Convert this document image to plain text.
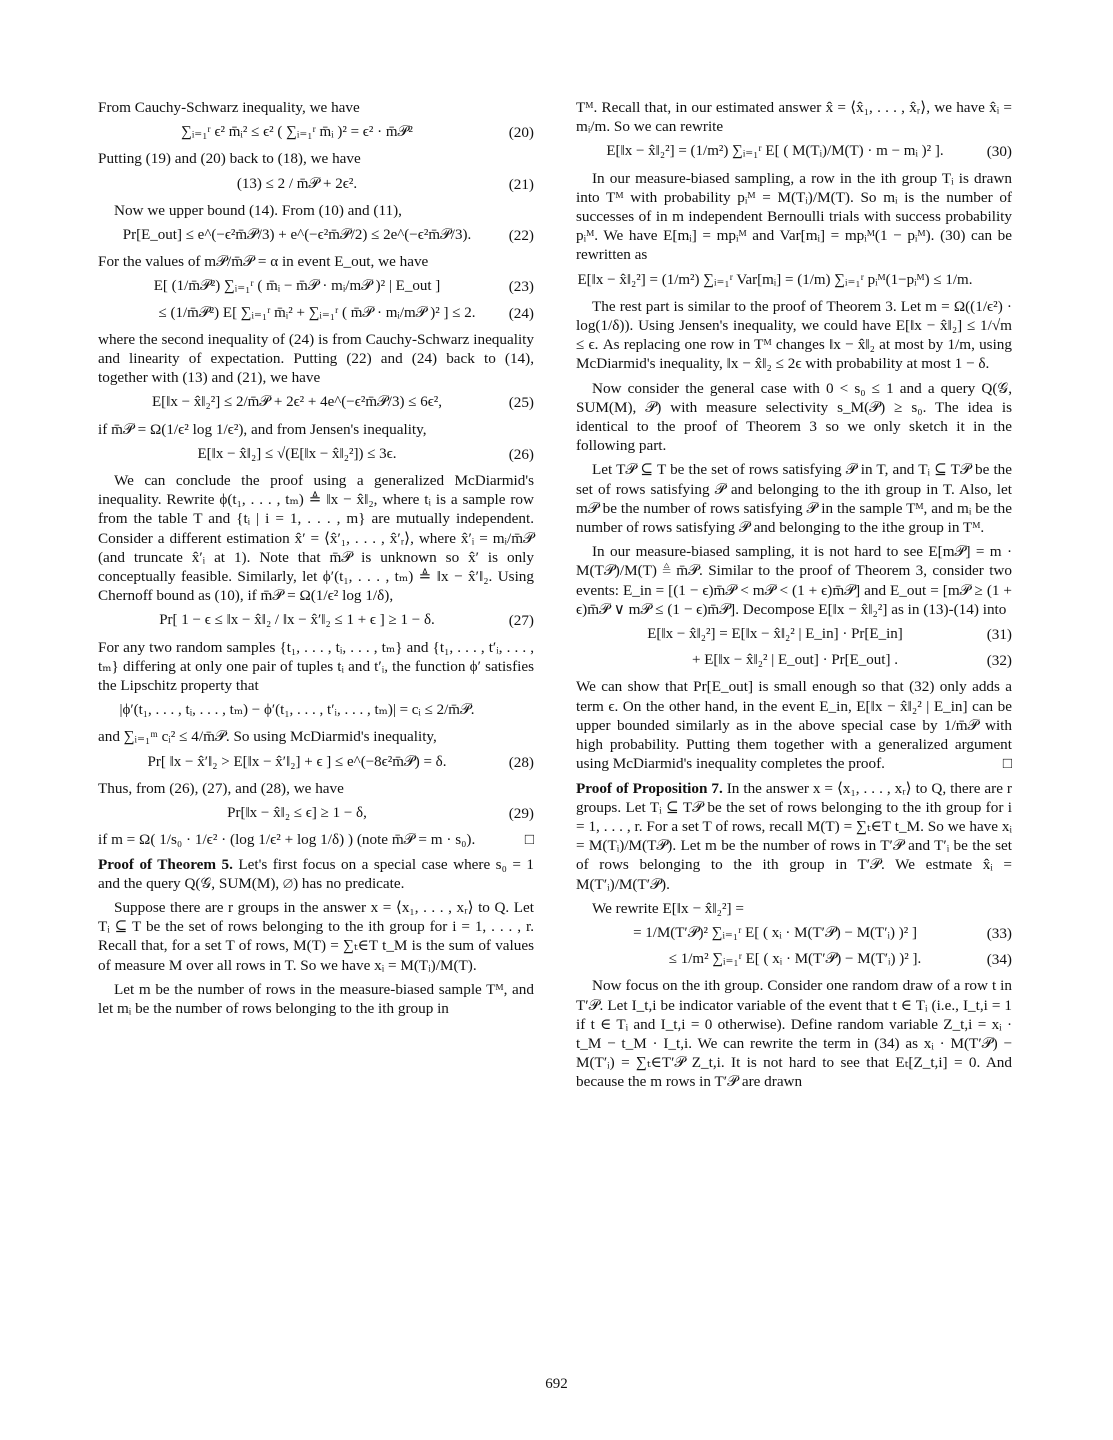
From Cauchy-Schwarz inequality, we have

∑ᵢ₌₁ʳ ϵ² m̄ᵢ² ≤ ϵ² ( ∑ᵢ₌₁ʳ m̄ᵢ )² = ϵ² · m̄𝒫²	(20)

Putting (19) and (20) back to (18), we have

(13) ≤ 2 / m̄𝒫 + 2ϵ².	(21)

Now we upper bound (14). From (10) and (11),

Pr[E_out] ≤ e^(−ϵ²m̄𝒫/3) + e^(−ϵ²m̄𝒫/2) ≤ 2e^(−ϵ²m̄𝒫/3).	(22)

For the values of m𝒫/m̄𝒫 = α in event E_out, we have

E[ (1/m̄𝒫²) ∑ᵢ₌₁ʳ ( m̄ᵢ − m̄𝒫 · mᵢ/m𝒫 )² | E_out ]	(23)
≤ (1/m̄𝒫²) E[ ∑ᵢ₌₁ʳ m̄ᵢ² + ∑ᵢ₌₁ʳ ( m̄𝒫 · mᵢ/m𝒫 )² ] ≤ 2.	(24)

where the second inequality of (24) is from Cauchy-Schwarz inequality and linearity of expectation. Putting (22) and (24) back to (14), together with (13) and (21), we have

E[‖x − x̂‖₂²] ≤ 2/m̄𝒫 + 2ϵ² + 4e^(−ϵ²m̄𝒫/3) ≤ 6ϵ²,	(25)

if m̄𝒫 = Ω(1/ϵ² log 1/ϵ²), and from Jensen's inequality,

E[‖x − x̂‖₂] ≤ √(E[‖x − x̂‖₂²]) ≤ 3ϵ.	(26)

We can conclude the proof using a generalized McDiarmid's inequality. Rewrite ϕ(t₁, . . . , tₘ) ≜ ‖x − x̂‖₂, where tᵢ is a sample row from the table T and {tᵢ | i = 1, . . . , m} are mutually independent. Consider a different estimation x̂′ = ⟨x̂′₁, . . . , x̂′ᵣ⟩, where x̂′ᵢ = mᵢ/m̄𝒫 (and truncate x̂′ᵢ at 1). Note that m̄𝒫 is unknown so x̂′ is only conceptually feasible. Similarly, let ϕ′(t₁, . . . , tₘ) ≜ ‖x − x̂′‖₂. Using Chernoff bound as (10), if m̄𝒫 = Ω(1/ϵ² log 1/δ),

Pr[ 1 − ϵ ≤ ‖x − x̂‖₂ / ‖x − x̂′‖₂ ≤ 1 + ϵ ] ≥ 1 − δ.	(27)

For any two random samples {t₁, . . . , tᵢ, . . . , tₘ} and {t₁, . . . , t′ᵢ, . . . , tₘ} differing at only one pair of tuples tᵢ and t′ᵢ, the function ϕ′ satisfies the Lipschitz property that

|ϕ′(t₁, . . . , tᵢ, . . . , tₘ) − ϕ′(t₁, . . . , t′ᵢ, . . . , tₘ)| = cᵢ ≤ 2/m̄𝒫.

and ∑ᵢ₌₁ᵐ cᵢ² ≤ 4/m̄𝒫. So using McDiarmid's inequality,

Pr[ ‖x − x̂′‖₂ > E[‖x − x̂′‖₂] + ϵ ] ≤ e^(−8ϵ²m̄𝒫) = δ.	(28)

Thus, from (26), (27), and (28), we have

Pr[‖x − x̂‖₂ ≤ ϵ] ≥ 1 − δ,	(29)

if m = Ω( 1/s₀ · 1/ϵ² · (log 1/ϵ² + log 1/δ) ) (note m̄𝒫 = m · s₀).	□

Proof of Theorem 5. Let's first focus on a special case where s₀ = 1 and the query Q(𝒢, SUM(M), ∅) has no predicate.

Suppose there are r groups in the answer x = ⟨x₁, . . . , xᵣ⟩ to Q. Let Tᵢ ⊆ T be the set of rows belonging to the ith group for i = 1, . . . , r. Recall that, for a set T of rows, M(T) = ∑ₜ∈T t_M is the sum of values of measure M over all rows in T. So we have xᵢ = M(Tᵢ)/M(T).

Let m be the number of rows in the measure-biased sample Tᴹ, and let mᵢ be the number of rows belonging to the ith group in

Tᴹ. Recall that, in our estimated answer x̂ = ⟨x̂₁, . . . , x̂ᵣ⟩, we have x̂ᵢ = mᵢ/m. So we can rewrite

E[‖x − x̂‖₂²] = (1/m²) ∑ᵢ₌₁ʳ E[ ( M(Tᵢ)/M(T) · m − mᵢ )² ].	(30)

In our measure-biased sampling, a row in the ith group Tᵢ is drawn into Tᴹ with probability pᵢᴹ = M(Tᵢ)/M(T). So mᵢ is the number of successes of in m independent Bernoulli trials with success probability pᵢᴹ. We have E[mᵢ] = mpᵢᴹ and Var[mᵢ] = mpᵢᴹ(1 − pᵢᴹ). (30) can be rewritten as

E[‖x − x̂‖₂²] = (1/m²) ∑ᵢ₌₁ʳ Var[mᵢ] = (1/m) ∑ᵢ₌₁ʳ pᵢᴹ(1−pᵢᴹ) ≤ 1/m.

The rest part is similar to the proof of Theorem 3. Let m = Ω((1/ϵ²) · log(1/δ)). Using Jensen's inequality, we could have E[‖x − x̂‖₂] ≤ 1/√m ≤ ϵ. As replacing one row in Tᴹ changes ‖x − x̂‖₂ at most by 1/m, using McDiarmid's inequality, ‖x − x̂‖₂ ≤ 2ϵ with probability at most 1 − δ.

Now consider the general case with 0 < s₀ ≤ 1 and a query Q(𝒢, SUM(M), 𝒫) with measure selectivity s_M(𝒫) ≥ s₀. The idea is identical to the proof of Theorem 3 so we only sketch it in the following part.

Let T𝒫 ⊆ T be the set of rows satisfying 𝒫 in T, and Tᵢ ⊆ T𝒫 be the set of rows satisfying 𝒫 and belonging to the ith group in T. Also, let m𝒫 be the number of rows satisfying 𝒫 in the sample Tᴹ, and mᵢ be the number of rows satisfying 𝒫 and belonging to the ithe group in Tᴹ.

In our measure-biased sampling, it is not hard to see E[m𝒫] = m · M(T𝒫)/M(T) ≜ m̄𝒫. Similar to the proof of Theorem 3, consider two events: E_in = [(1 − ϵ)m̄𝒫 < m𝒫 < (1 + ϵ)m̄𝒫] and E_out = [m𝒫 ≥ (1 + ϵ)m̄𝒫 ∨ m𝒫 ≤ (1 − ϵ)m̄𝒫]. Decompose E[‖x − x̂‖₂²] as in (13)-(14) into

E[‖x − x̂‖₂²] = E[‖x − x̂‖₂² | E_in] · Pr[E_in]	(31)
+ E[‖x − x̂‖₂² | E_out] · Pr[E_out] .	(32)

We can show that Pr[E_out] is small enough so that (32) only adds a term ϵ. On the other hand, in the event E_in, E[‖x − x̂‖₂² | E_in] can be upper bounded similarly as in the above special case by 1/m̄𝒫 with high probability. Putting them together with a generalized argument using McDiarmid's inequality completes the proof.	□

Proof of Proposition 7. In the answer x = ⟨x₁, . . . , xᵣ⟩ to Q, there are r groups. Let Tᵢ ⊆ T𝒫 be the set of rows belonging to the ith group for i = 1, . . . , r. For a set T of rows, recall M(T) = ∑ₜ∈T t_M. So we have xᵢ = M(Tᵢ)/M(T𝒫). Let m be the number of rows in T′𝒫 and T′ᵢ be the set of rows belonging to the ith group in T′𝒫. We estmate x̂ᵢ = M(T′ᵢ)/M(T′𝒫).

We rewrite E[‖x − x̂‖₂²] =

= 1/M(T′𝒫)² ∑ᵢ₌₁ʳ E[ ( xᵢ · M(T′𝒫) − M(T′ᵢ) )² ]	(33)
≤ 1/m² ∑ᵢ₌₁ʳ E[ ( xᵢ · M(T′𝒫) − M(T′ᵢ) )² ].	(34)

Now focus on the ith group. Consider one random draw of a row t in T′𝒫. Let I_t,i be indicator variable of the event that t ∈ Tᵢ (i.e., I_t,i = 1 if t ∈ Tᵢ and I_t,i = 0 otherwise). Define random variable Z_t,i = xᵢ · t_M − t_M · I_t,i. We can rewrite the term in (34) as xᵢ · M(T′𝒫) − M(T′ᵢ) = ∑ₜ∈T′𝒫 Z_t,i. It is not hard to see that Eₜ[Z_t,i] = 0. And because the m rows in T′𝒫 are drawn

692
